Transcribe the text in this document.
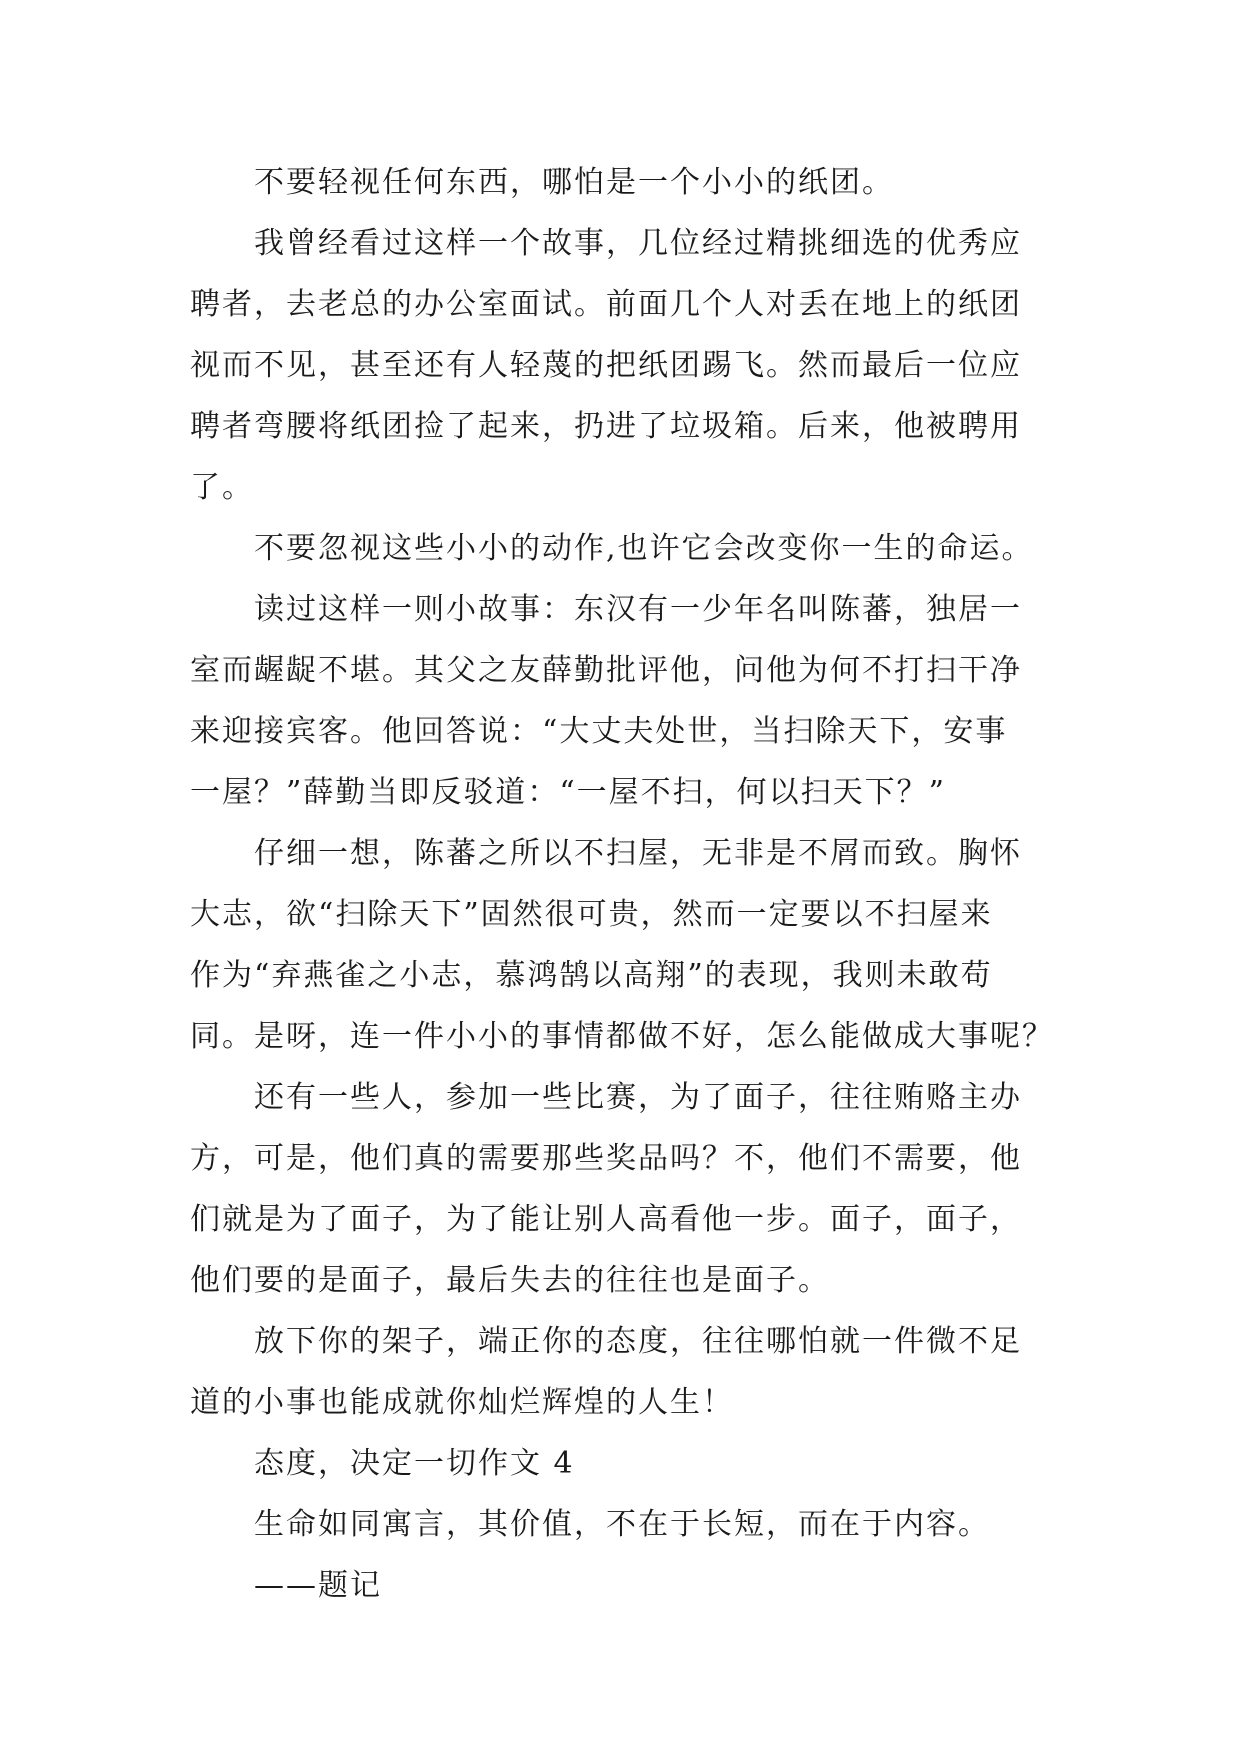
不要轻视任何东西，哪怕是一个小小的纸团。
我曾经看过这样一个故事，几位经过精挑细选的优秀应
聘者，去老总的办公室面试。前面几个人对丢在地上的纸团
视而不见，甚至还有人轻蔑的把纸团踢飞。然而最后一位应
聘者弯腰将纸团捡了起来，扔进了垃圾箱。后来，他被聘用
了。
不要忽视这些小小的动作,也许它会改变你一生的命运。
读过这样一则小故事：东汉有一少年名叫陈蕃，独居一
室而龌龊不堪。其父之友薛勤批评他，问他为何不打扫干净
来迎接宾客。他回答说：“大丈夫处世，当扫除天下，安事
一屋？”薛勤当即反驳道：“一屋不扫，何以扫天下？”
仔细一想，陈蕃之所以不扫屋，无非是不屑而致。胸怀
大志，欲“扫除天下”固然很可贵，然而一定要以不扫屋来
作为“弃燕雀之小志，慕鸿鹄以高翔”的表现，我则未敢苟
同。是呀，连一件小小的事情都做不好，怎么能做成大事呢？
还有一些人，参加一些比赛，为了面子，往往贿赂主办
方，可是，他们真的需要那些奖品吗？不，他们不需要，他
们就是为了面子，为了能让别人高看他一步。面子，面子，
他们要的是面子，最后失去的往往也是面子。
放下你的架子，端正你的态度，往往哪怕就一件微不足
道的小事也能成就你灿烂辉煌的人生！
态度，决定一切作文 4
生命如同寓言，其价值，不在于长短，而在于内容。
——题记
